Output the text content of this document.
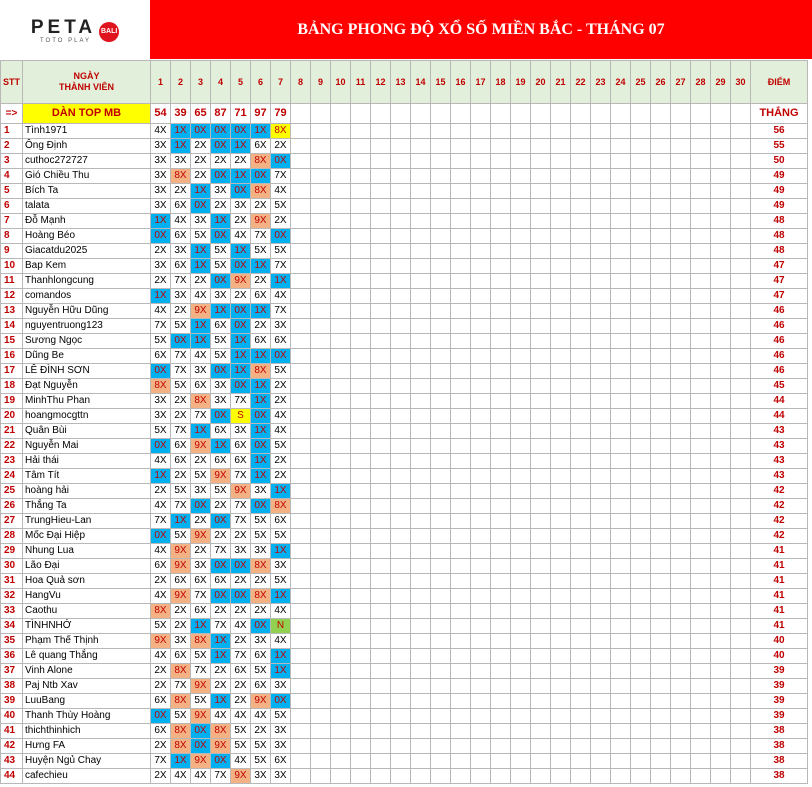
PETA BALI
TOTO PLAY
BẢNG PHONG ĐỘ XỔ SỐ MIỀN BẮC - THÁNG 07
STT	NGÀY
THÀNH VIÊN	1	2	3	4	5	6	7	8	9	10	11	12	13	14	15	16	17	18	19	20	21	22	23	24	25	26	27	28	29	30	ĐIỂM
=>	DÀN TOP MB	54	39	65	87	71	97	79																								THẮNG
1	Tình1971	4X	1X	0X	0X	0X	1X	8X																								56
2	Ông Định	3X	1X	2X	0X	1X	6X	2X																								55
3	cuthoc272727	3X	3X	2X	2X	2X	8X	0X																								50
4	Gió Chiều Thu	3X	8X	2X	0X	1X	0X	7X																								49
5	Bích Ta	3X	2X	1X	3X	0X	8X	4X																								49
6	talata	3X	6X	0X	2X	3X	2X	5X																								49
7	Đỗ Mạnh	1X	4X	3X	1X	2X	9X	2X																								48
8	Hoàng Béo	0X	6X	5X	0X	4X	7X	0X																								48
9	Giacatdu2025	2X	3X	1X	5X	1X	5X	5X																								48
10	Bap Kem	3X	6X	1X	5X	0X	1X	7X																								47
11	Thanhlongcung	2X	7X	2X	0X	9X	2X	1X																								47
12	comandos	1X	3X	4X	3X	2X	6X	4X																								47
13	Nguyễn Hữu Dũng	4X	2X	9X	1X	0X	1X	7X																								46
14	nguyentruong123	7X	5X	1X	6X	0X	2X	3X																								46
15	Sương Ngọc	5X	0X	1X	5X	1X	6X	6X																								46
16	Dũng Be	6X	7X	4X	5X	1X	1X	0X																								46
17	LÊ ĐÌNH SƠN	0X	7X	3X	0X	1X	8X	5X																								46
18	Đạt Nguyễn	8X	5X	6X	3X	0X	1X	2X																								45
19	MinhThu Phan	3X	2X	8X	3X	7X	1X	2X																								44
20	hoangmocgttn	3X	2X	7X	0X	S	0X	4X																								44
21	Quân Bùi	5X	7X	1X	6X	3X	1X	4X																								43
22	Nguyễn Mai	0X	6X	9X	1X	6X	0X	5X																								43
23	Hải thái	4X	6X	2X	6X	6X	1X	2X																								43
24	Tâm Tít	1X	2X	5X	9X	7X	1X	2X																								43
25	hoàng hải	2X	5X	3X	5X	9X	3X	1X																								42
26	Thắng Ta	4X	7X	0X	2X	7X	0X	8X																								42
27	TrungHieu-Lan	7X	1X	2X	0X	7X	5X	6X																								42
28	Mốc Đại Hiệp	0X	5X	9X	2X	2X	5X	5X																								42
29	Nhung Lua	4X	9X	2X	7X	3X	3X	1X																								41
30	Lão Đại	6X	9X	3X	0X	0X	8X	3X																								41
31	Hoa Quả sơn	2X	6X	6X	6X	2X	2X	5X																								41
32	HangVu	4X	9X	7X	0X	0X	8X	1X																								41
33	Caothu	8X	2X	6X	2X	2X	2X	4X																								41
34	TÌNHNHỚ	5X	2X	1X	7X	4X	0X	N																								41
35	Phạm Thế Thịnh	9X	3X	8X	1X	2X	3X	4X																								40
36	Lê quang Thắng	4X	6X	5X	1X	7X	6X	1X																								40
37	Vinh Alone	2X	8X	7X	2X	6X	5X	1X																								39
38	Paj Ntb Xav	2X	7X	9X	2X	2X	6X	3X																								39
39	LuuBang	6X	8X	5X	1X	2X	9X	0X																								39
40	Thanh Thùy Hoàng	0X	5X	9X	4X	4X	4X	5X																								39
41	thichthinhich	6X	8X	0X	8X	5X	2X	3X																								38
42	Hưng FA	2X	8X	0X	9X	5X	5X	3X																								38
43	Huyện Ngủ Chay	7X	1X	9X	0X	4X	5X	6X																								38
44	cafechieu	2X	4X	4X	7X	9X	3X	3X																								38
